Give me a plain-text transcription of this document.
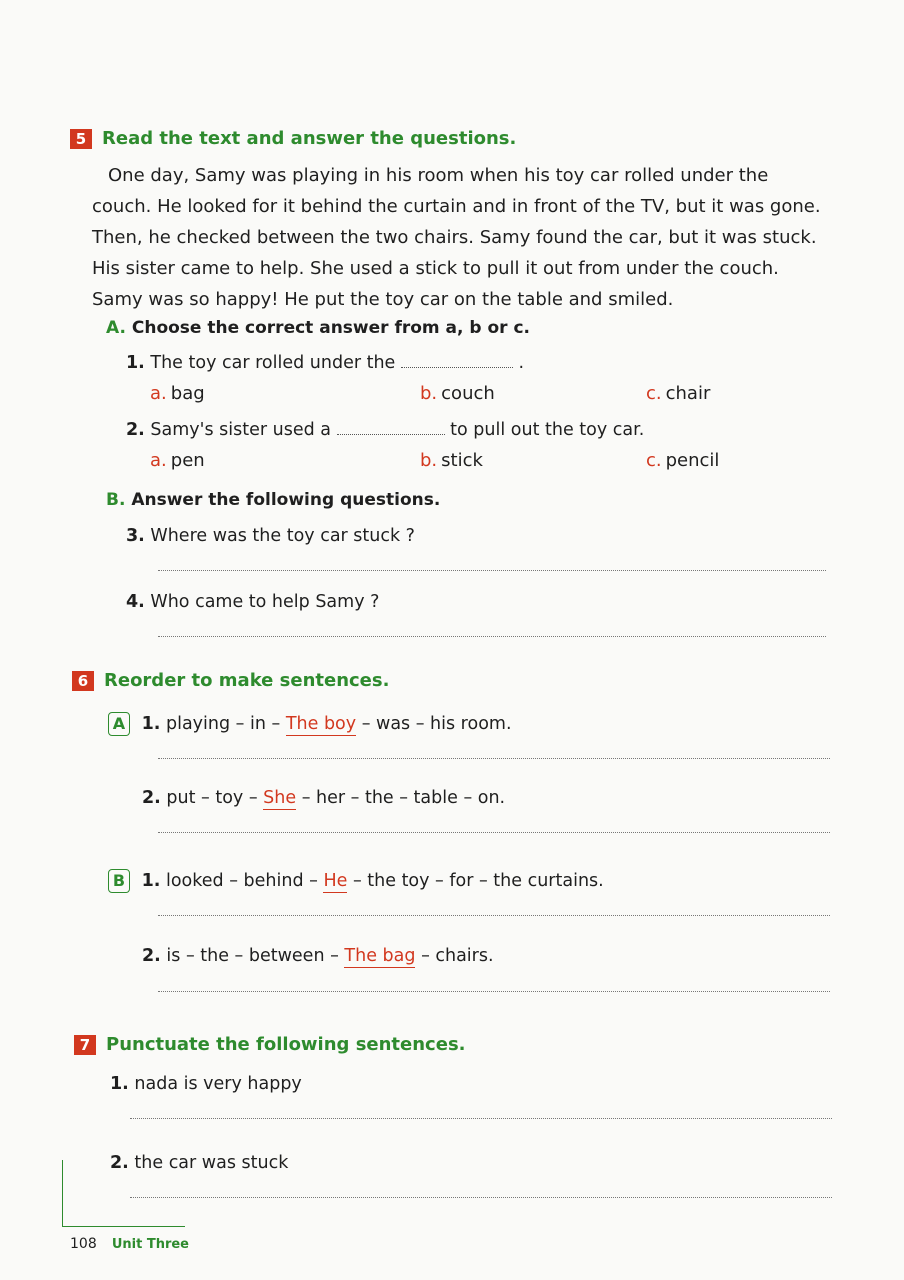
5 Read the text and answer the questions.
One day, Samy was playing in his room when his toy car rolled under the
couch. He looked for it behind the curtain and in front of the TV, but it was gone.
Then, he checked between the two chairs. Samy found the car, but it was stuck.
His sister came to help. She used a stick to pull it out from under the couch.
Samy was so happy! He put the toy car on the table and smiled.
A. Choose the correct answer from a, b or c.
1. The toy car rolled under the	.
a. bag	b. couch	c. chair
2. Samy's sister used a	to pull out the toy car.
a. pen	b. stick	c. pencil
B. Answer the following questions.
3. Where was the toy car stuck ?
4. Who came to help Samy ?
6 Reorder to make sentences.
A 1. playing – in – The boy – was – his room.
2. put – toy – She – her – the – table – on.
B 1. looked – behind – He – the toy – for – the curtains.
2. is – the – between – The bag – chairs.
7 Punctuate the following sentences.
1. nada is very happy
2. the car was stuck
108 Unit Three
